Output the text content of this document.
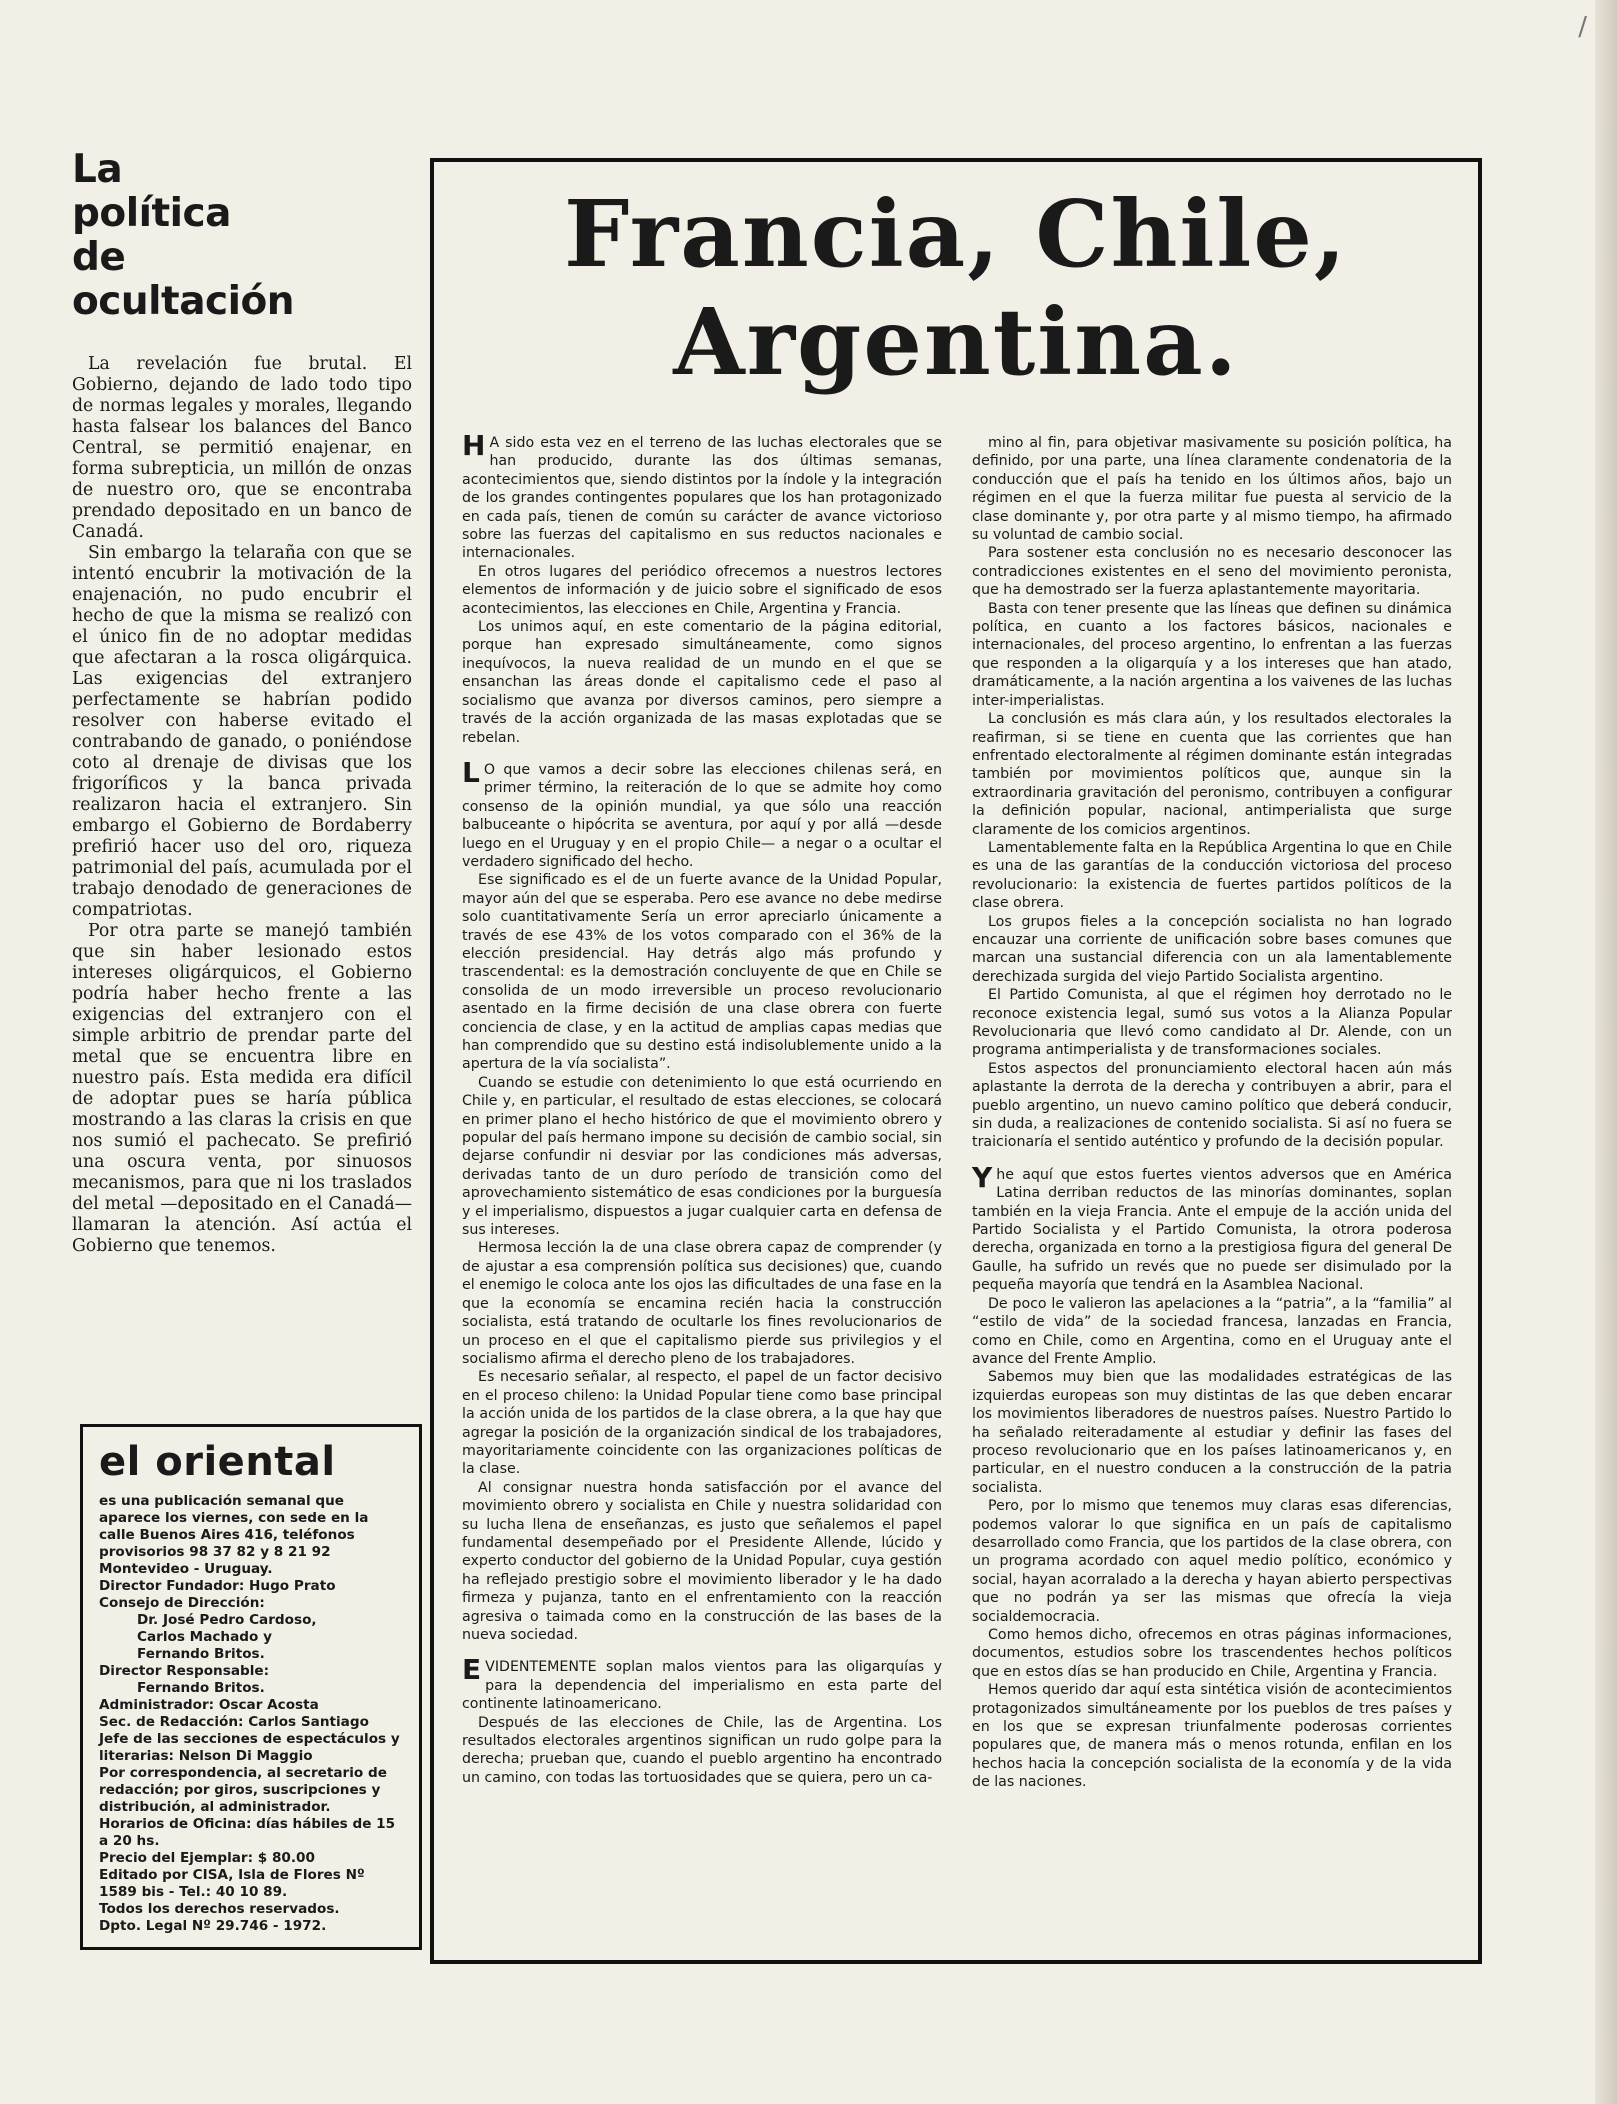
/
La
política
de
ocultación

La revelación fue brutal. El Gobierno, dejando de lado todo tipo de normas legales y morales, llegando hasta falsear los balances del Banco Central, se permitió enajenar, en forma subrepticia, un millón de onzas de nuestro oro, que se encontraba prendado depositado en un banco de Canadá.

Sin embargo la telaraña con que se intentó encubrir la motivación de la enajenación, no pudo encubrir el hecho de que la misma se realizó con el único fin de no adoptar medidas que afectaran a la rosca oligárquica. Las exigencias del extranjero perfectamente se habrían podido resolver con haberse evitado el contrabando de ganado, o poniéndose coto al drenaje de divisas que los frigoríficos y la banca privada realizaron hacia el extranjero. Sin embargo el Gobierno de Bordaberry prefirió hacer uso del oro, riqueza patrimonial del país, acumulada por el trabajo denodado de generaciones de compatriotas.

Por otra parte se manejó también que sin haber lesionado estos intereses oligárquicos, el Gobierno podría haber hecho frente a las exigencias del extranjero con el simple arbitrio de prendar parte del metal que se encuentra libre en nuestro país. Esta medida era difícil de adoptar pues se haría pública mostrando a las claras la crisis en que nos sumió el pachecato. Se prefirió una oscura venta, por sinuosos mecanismos, para que ni los traslados del metal —depositado en el Canadá— llamaran la atención. Así actúa el Gobierno que tenemos.

el oriental

es una publicación semanal que aparece los viernes, con sede en la calle Buenos Aires 416, teléfonos provisorios 98 37 82 y 8 21 92 Montevideo - Uruguay.
Director Fundador: Hugo Prato
Consejo de Dirección:

Dr. José Pedro Cardoso,
Carlos Machado y
Fernando Britos.
Director Responsable:

Fernando Britos.
Administrador: Oscar Acosta
Sec. de Redacción: Carlos Santiago
Jefe de las secciones de espectáculos y literarias: Nelson Di Maggio
Por correspondencia, al secretario de redacción; por giros, suscripciones y distribución, al administrador.
Horarios de Oficina: días hábiles de 15 a 20 hs.
Precio del Ejemplar: $ 80.00
Editado por CISA, Isla de Flores Nº 1589 bis - Tel.: 40 10 89.
Todos los derechos reservados.
Dpto. Legal Nº 29.746 - 1972.

Francia, Chile,
Argentina.

H A sido esta vez en el terreno de las luchas electorales que se han producido, durante las dos últimas semanas, acontecimientos que, siendo distintos por la índole y la integración de los grandes contingentes populares que los han protagonizado en cada país, tienen de común su carácter de avance victorioso sobre las fuerzas del capitalismo en sus reductos nacionales e internacionales.

En otros lugares del periódico ofrecemos a nuestros lectores elementos de información y de juicio sobre el significado de esos acontecimientos, las elecciones en Chile, Argentina y Francia.

Los unimos aquí, en este comentario de la página editorial, porque han expresado simultáneamente, como signos inequívocos, la nueva realidad de un mundo en el que se ensanchan las áreas donde el capitalismo cede el paso al socialismo que avanza por diversos caminos, pero siempre a través de la acción organizada de las masas explotadas que se rebelan.

L O que vamos a decir sobre las elecciones chilenas será, en primer término, la reiteración de lo que se admite hoy como consenso de la opinión mundial, ya que sólo una reacción balbuceante o hipócrita se aventura, por aquí y por allá —desde luego en el Uruguay y en el propio Chile— a negar o a ocultar el verdadero significado del hecho.

Ese significado es el de un fuerte avance de la Unidad Popular, mayor aún del que se esperaba. Pero ese avance no debe medirse solo cuantitativamente Sería un error apreciarlo únicamente a través de ese 43% de los votos comparado con el 36% de la elección presidencial. Hay detrás algo más profundo y trascendental: es la demostración concluyente de que en Chile se consolida de un modo irreversible un proceso revolucionario asentado en la firme decisión de una clase obrera con fuerte conciencia de clase, y en la actitud de amplias capas medias que han comprendido que su destino está indisolublemente unido a la apertura de la vía socialista”.

Cuando se estudie con detenimiento lo que está ocurriendo en Chile y, en particular, el resultado de estas elecciones, se colocará en primer plano el hecho histórico de que el movimiento obrero y popular del país hermano impone su decisión de cambio social, sin dejarse confundir ni desviar por las condiciones más adversas, derivadas tanto de un duro período de transición como del aprovechamiento sistemático de esas condiciones por la burguesía y el imperialismo, dispuestos a jugar cualquier carta en defensa de sus intereses.

Hermosa lección la de una clase obrera capaz de comprender (y de ajustar a esa comprensión política sus decisiones) que, cuando el enemigo le coloca ante los ojos las dificultades de una fase en la que la economía se encamina recién hacia la construcción socialista, está tratando de ocultarle los fines revolucionarios de un proceso en el que el capitalismo pierde sus privilegios y el socialismo afirma el derecho pleno de los trabajadores.

Es necesario señalar, al respecto, el papel de un factor decisivo en el proceso chileno: la Unidad Popular tiene como base principal la acción unida de los partidos de la clase obrera, a la que hay que agregar la posición de la organización sindical de los trabajadores, mayoritariamente coincidente con las organizaciones políticas de la clase.

Al consignar nuestra honda satisfacción por el avance del movimiento obrero y socialista en Chile y nuestra solidaridad con su lucha llena de enseñanzas, es justo que señalemos el papel fundamental desempeñado por el Presidente Allende, lúcido y experto conductor del gobierno de la Unidad Popular, cuya gestión ha reflejado prestigio sobre el movimiento liberador y le ha dado firmeza y pujanza, tanto en el enfrentamiento con la reacción agresiva o taimada como en la construcción de las bases de la nueva sociedad.

EVIDENTEMENTE soplan malos vientos para las oligarquías y para la dependencia del imperialismo en esta parte del continente latinoamericano.

Después de las elecciones de Chile, las de Argentina. Los resultados electorales argentinos significan un rudo golpe para la derecha; prueban que, cuando el pueblo argentino ha encontrado un camino, con todas las tortuosidades que se quiera, pero un ca-

mino al fin, para objetivar masivamente su posición política, ha definido, por una parte, una línea claramente condenatoria de la conducción que el país ha tenido en los últimos años, bajo un régimen en el que la fuerza militar fue puesta al servicio de la clase dominante y, por otra parte y al mismo tiempo, ha afirmado su voluntad de cambio social.

Para sostener esta conclusión no es necesario desconocer las contradicciones existentes en el seno del movimiento peronista, que ha demostrado ser la fuerza aplastantemente mayoritaria.

Basta con tener presente que las líneas que definen su dinámica política, en cuanto a los factores básicos, nacionales e internacionales, del proceso argentino, lo enfrentan a las fuerzas que responden a la oligarquía y a los intereses que han atado, dramáticamente, a la nación argentina a los vaivenes de las luchas inter-imperialistas.

La conclusión es más clara aún, y los resultados electorales la reafirman, si se tiene en cuenta que las corrientes que han enfrentado electoralmente al régimen dominante están integradas también por movimientos políticos que, aunque sin la extraordinaria gravitación del peronismo, contribuyen a configurar la definición popular, nacional, antimperialista que surge claramente de los comicios argentinos.

Lamentablemente falta en la República Argentina lo que en Chile es una de las garantías de la conducción victoriosa del proceso revolucionario: la existencia de fuertes partidos políticos de la clase obrera.

Los grupos fieles a la concepción socialista no han logrado encauzar una corriente de unificación sobre bases comunes que marcan una sustancial diferencia con un ala lamentablemente derechizada surgida del viejo Partido Socialista argentino.

El Partido Comunista, al que el régimen hoy derrotado no le reconoce existencia legal, sumó sus votos a la Alianza Popular Revolucionaria que llevó como candidato al Dr. Alende, con un programa antimperialista y de transformaciones sociales.

Estos aspectos del pronunciamiento electoral hacen aún más aplastante la derrota de la derecha y contribuyen a abrir, para el pueblo argentino, un nuevo camino político que deberá conducir, sin duda, a realizaciones de contenido socialista. Si así no fuera se traicionaría el sentido auténtico y profundo de la decisión popular.

Yhe aquí que estos fuertes vientos adversos que en América Latina derriban reductos de las minorías dominantes, soplan también en la vieja Francia. Ante el empuje de la acción unida del Partido Socialista y el Partido Comunista, la otrora poderosa derecha, organizada en torno a la prestigiosa figura del general De Gaulle, ha sufrido un revés que no puede ser disimulado por la pequeña mayoría que tendrá en la Asamblea Nacional.

De poco le valieron las apelaciones a la “patria”, a la “familia” al “estilo de vida” de la sociedad francesa, lanzadas en Francia, como en Chile, como en Argentina, como en el Uruguay ante el avance del Frente Amplio.

Sabemos muy bien que las modalidades estratégicas de las izquierdas europeas son muy distintas de las que deben encarar los movimientos liberadores de nuestros países. Nuestro Partido lo ha señalado reiteradamente al estudiar y definir las fases del proceso revolucionario que en los países latinoamericanos y, en particular, en el nuestro conducen a la construcción de la patria socialista.

Pero, por lo mismo que tenemos muy claras esas diferencias, podemos valorar lo que significa en un país de capitalismo desarrollado como Francia, que los partidos de la clase obrera, con un programa acordado con aquel medio político, económico y social, hayan acorralado a la derecha y hayan abierto perspectivas que no podrán ya ser las mismas que ofrecía la vieja socialdemocracia.

Como hemos dicho, ofrecemos en otras páginas informaciones, documentos, estudios sobre los trascendentes hechos políticos que en estos días se han producido en Chile, Argentina y Francia.

Hemos querido dar aquí esta sintética visión de acontecimientos protagonizados simultáneamente por los pueblos de tres países y en los que se expresan triunfalmente poderosas corrientes populares que, de manera más o menos rotunda, enfilan en los hechos hacia la concepción socialista de la economía y de la vida de las naciones.
